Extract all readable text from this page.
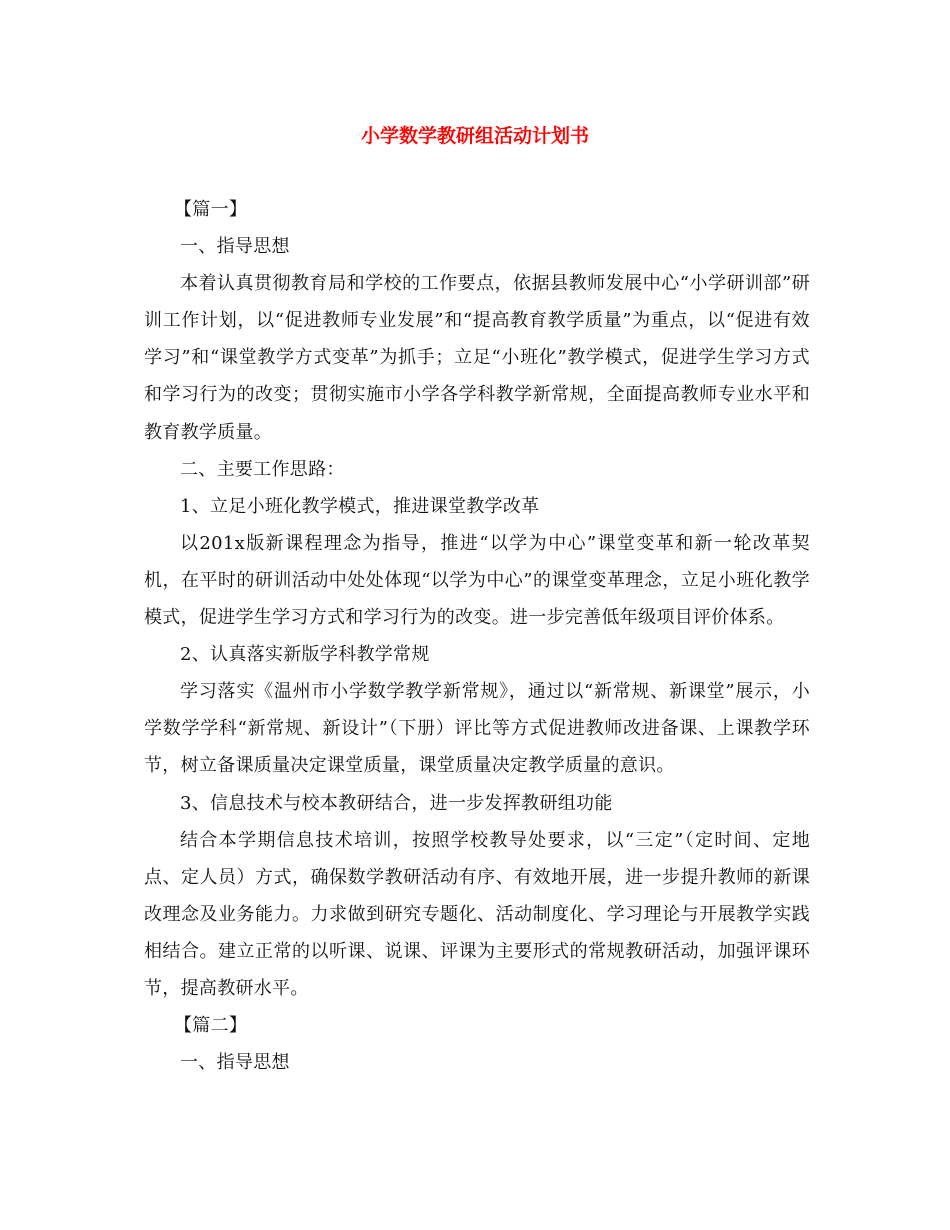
小学数学教研组活动计划书

【篇一】

一、指导思想

本着认真贯彻教育局和学校的工作要点，依据县教师发展中心“小学研训部”研训工作计划，以“促进教师专业发展”和“提高教育教学质量”为重点，以“促进有效学习”和“课堂教学方式变革”为抓手；立足“小班化”教学模式，促进学生学习方式和学习行为的改变；贯彻实施市小学各学科教学新常规，全面提高教师专业水平和教育教学质量。

二、主要工作思路：

1、立足小班化教学模式，推进课堂教学改革

以201x版新课程理念为指导，推进“以学为中心”课堂变革和新一轮改革契机，在平时的研训活动中处处体现“以学为中心”的课堂变革理念，立足小班化教学模式，促进学生学习方式和学习行为的改变。进一步完善低年级项目评价体系。

2、认真落实新版学科教学常规

学习落实《温州市小学数学教学新常规》，通过以“新常规、新课堂”展示，小学数学学科“新常规、新设计”（下册）评比等方式促进教师改进备课、上课教学环节，树立备课质量决定课堂质量，课堂质量决定教学质量的意识。

3、信息技术与校本教研结合，进一步发挥教研组功能

结合本学期信息技术培训，按照学校教导处要求，以“三定”（定时间、定地点、定人员）方式，确保数学教研活动有序、有效地开展，进一步提升教师的新课改理念及业务能力。力求做到研究专题化、活动制度化、学习理论与开展教学实践相结合。建立正常的以听课、说课、评课为主要形式的常规教研活动，加强评课环节，提高教研水平。

【篇二】

一、指导思想
